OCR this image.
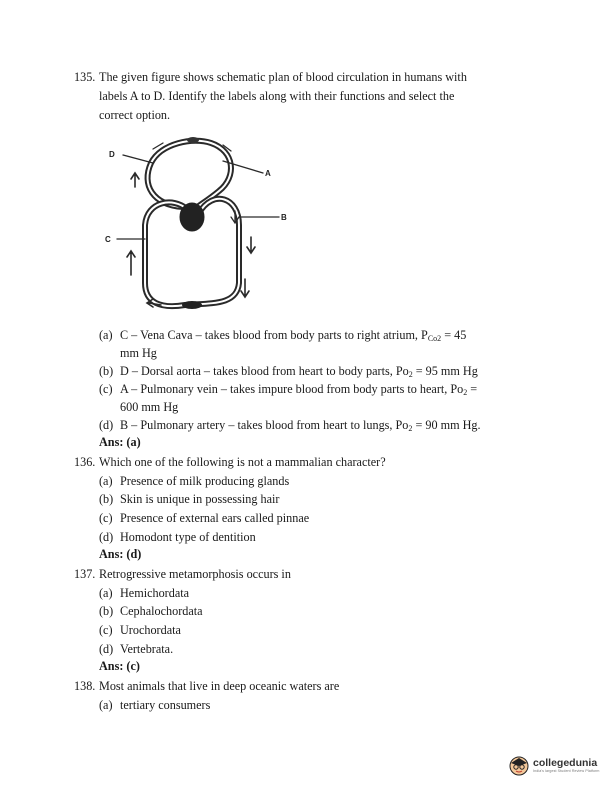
135. The given figure shows schematic plan of blood circulation in humans with
labels A to D. Identify the labels along with their functions and select the
correct option.
D
A
B
C
(a) C – Vena Cava – takes blood from body parts to right atrium, $P_{Co2} = 45$
mm Hg
(b) D – Dorsal aorta – takes blood from heart to body parts, $Po_2 = 95$ mm Hg
(c) A – Pulmonary vein – takes impure blood from body parts to heart, $Po_2$ =
600 mm Hg
(d) B – Pulmonary artery – takes blood from heart to lungs, $Po_2 = 90$ mm Hg.
Ans: (a)
136. Which one of the following is not a mammalian character?
(a) Presence of milk producing glands
(b) Skin is unique in possessing hair
(c) Presence of external ears called pinnae
(d) Homodont type of dentition
Ans: (d)
137. Retrogressive metamorphosis occurs in
(a) Hemichordata
(b) Cephalochordata
(c) Urochordata
(d) Vertebrata.
Ans: (c)
138. Most animals that live in deep oceanic waters are
(a) tertiary consumers
collegedunia
India's largest Student Review Platform
